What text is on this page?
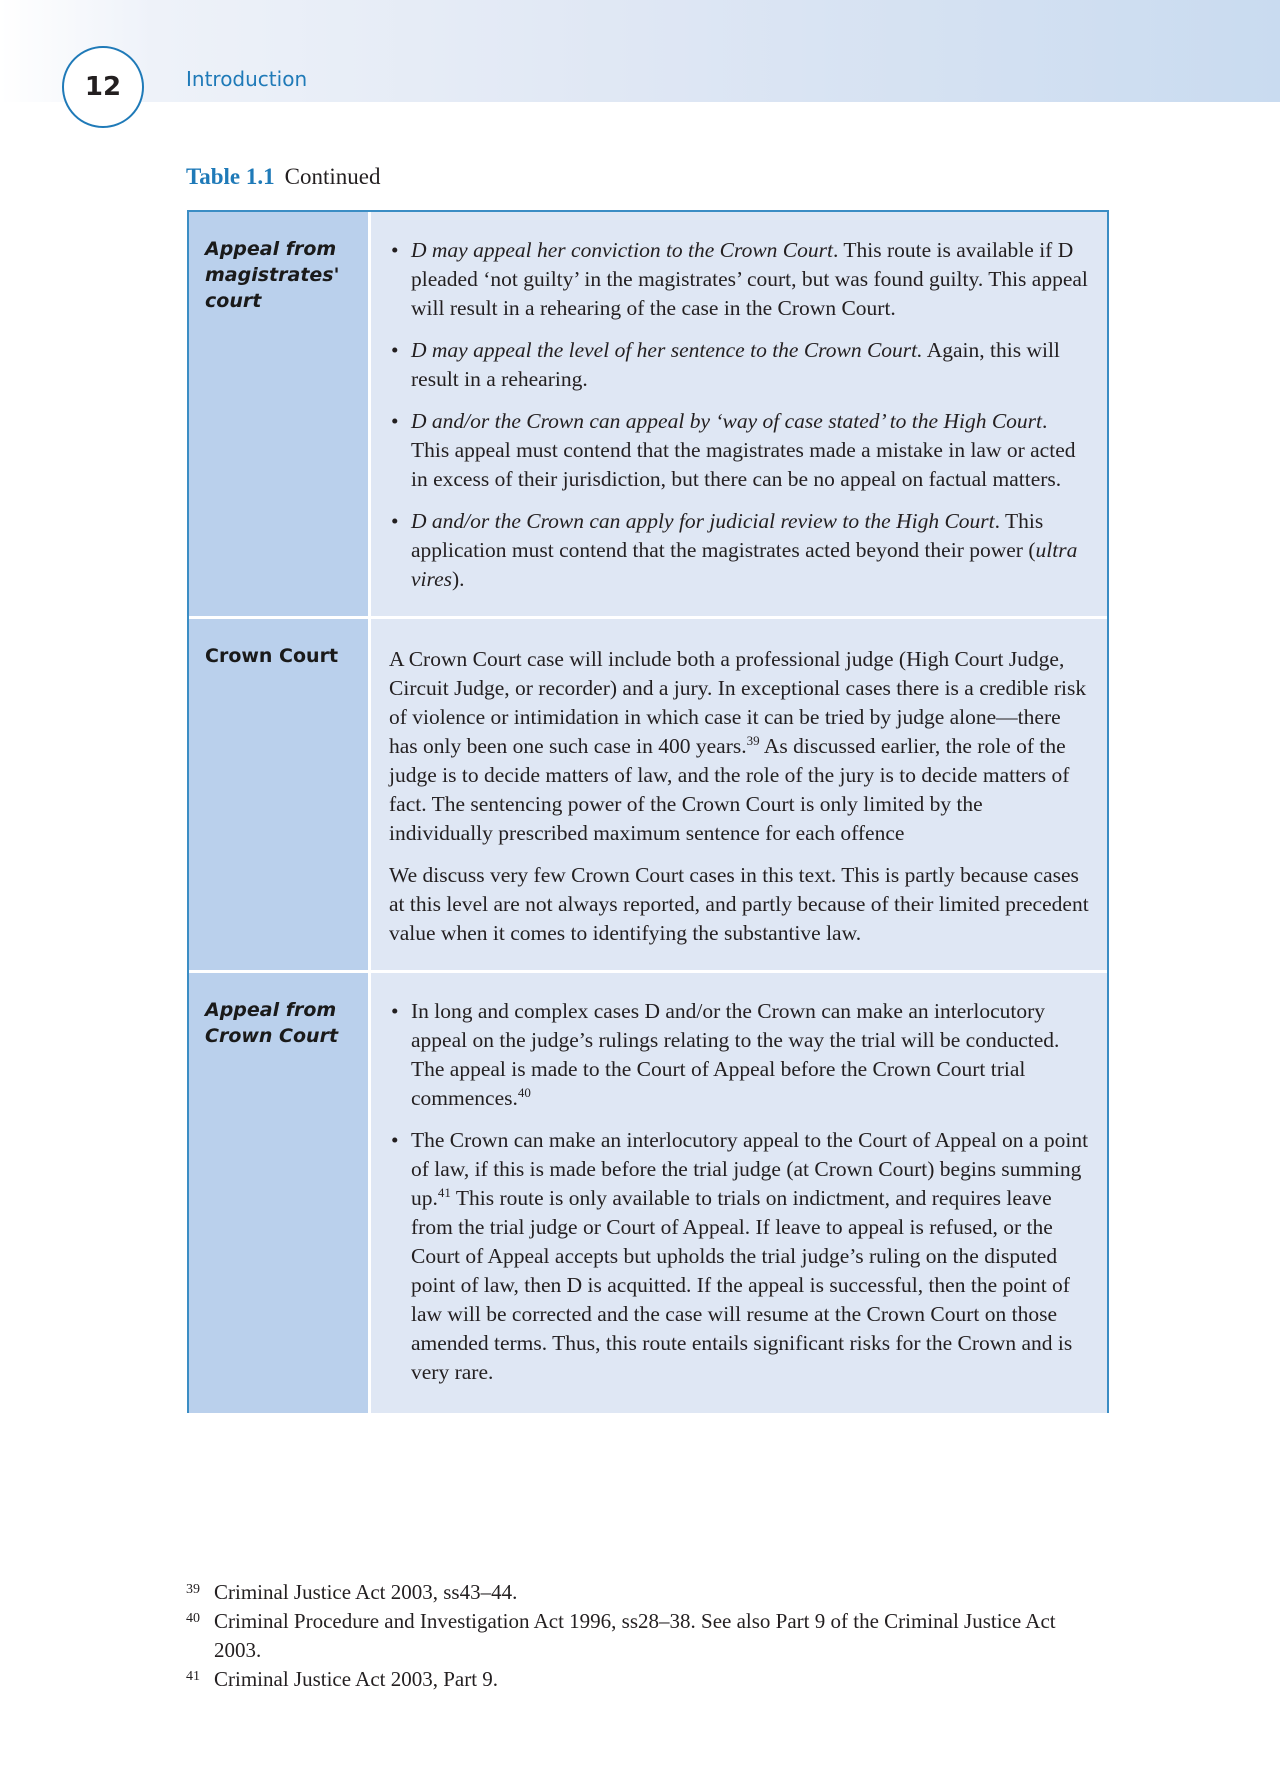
12	Introduction
Table 1.1 Continued
Appeal from magistrates' court
• D may appeal her conviction to the Crown Court. This route is available if D pleaded ‘not guilty’ in the magistrates’ court, but was found guilty. This appeal will result in a rehearing of the case in the Crown Court.
• D may appeal the level of her sentence to the Crown Court. Again, this will result in a rehearing.
• D and/or the Crown can appeal by ‘way of case stated’ to the High Court. This appeal must contend that the magistrates made a mistake in law or acted in excess of their jurisdiction, but there can be no appeal on factual matters.
• D and/or the Crown can apply for judicial review to the High Court. This application must contend that the magistrates acted beyond their power (ultra vires).
Crown Court	A Crown Court case will include both a professional judge (High Court Judge, Circuit Judge, or recorder) and a jury. In exceptional cases there is a credible risk of violence or intimidation in which case it can be tried by judge alone—there has only been one such case in 400 years.$^{39}$ As discussed earlier, the role of the judge is to decide matters of law, and the role of the jury is to decide matters of fact. The sentencing power of the Crown Court is only limited by the individually prescribed maximum sentence for each offence

We discuss very few Crown Court cases in this text. This is partly because cases at this level are not always reported, and partly because of their limited precedent value when it comes to identifying the substantive law.

Appeal from Crown Court
• In long and complex cases D and/or the Crown can make an interlocutory appeal on the judge’s rulings relating to the way the trial will be conducted. The appeal is made to the Court of Appeal before the Crown Court trial commences.$^{40}$
• The Crown can make an interlocutory appeal to the Court of Appeal on a point of law, if this is made before the trial judge (at Crown Court) begins summing up.$^{41}$ This route is only available to trials on indictment, and requires leave from the trial judge or Court of Appeal. If leave to appeal is refused, or the Court of Appeal accepts but upholds the trial judge’s ruling on the disputed point of law, then D is acquitted. If the appeal is successful, then the point of law will be corrected and the case will resume at the Crown Court on those amended terms. Thus, this route entails significant risks for the Crown and is very rare.
39 Criminal Justice Act 2003, ss43–44.
40 Criminal Procedure and Investigation Act 1996, ss28–38. See also Part 9 of the Criminal Justice Act 2003.
41 Criminal Justice Act 2003, Part 9.
